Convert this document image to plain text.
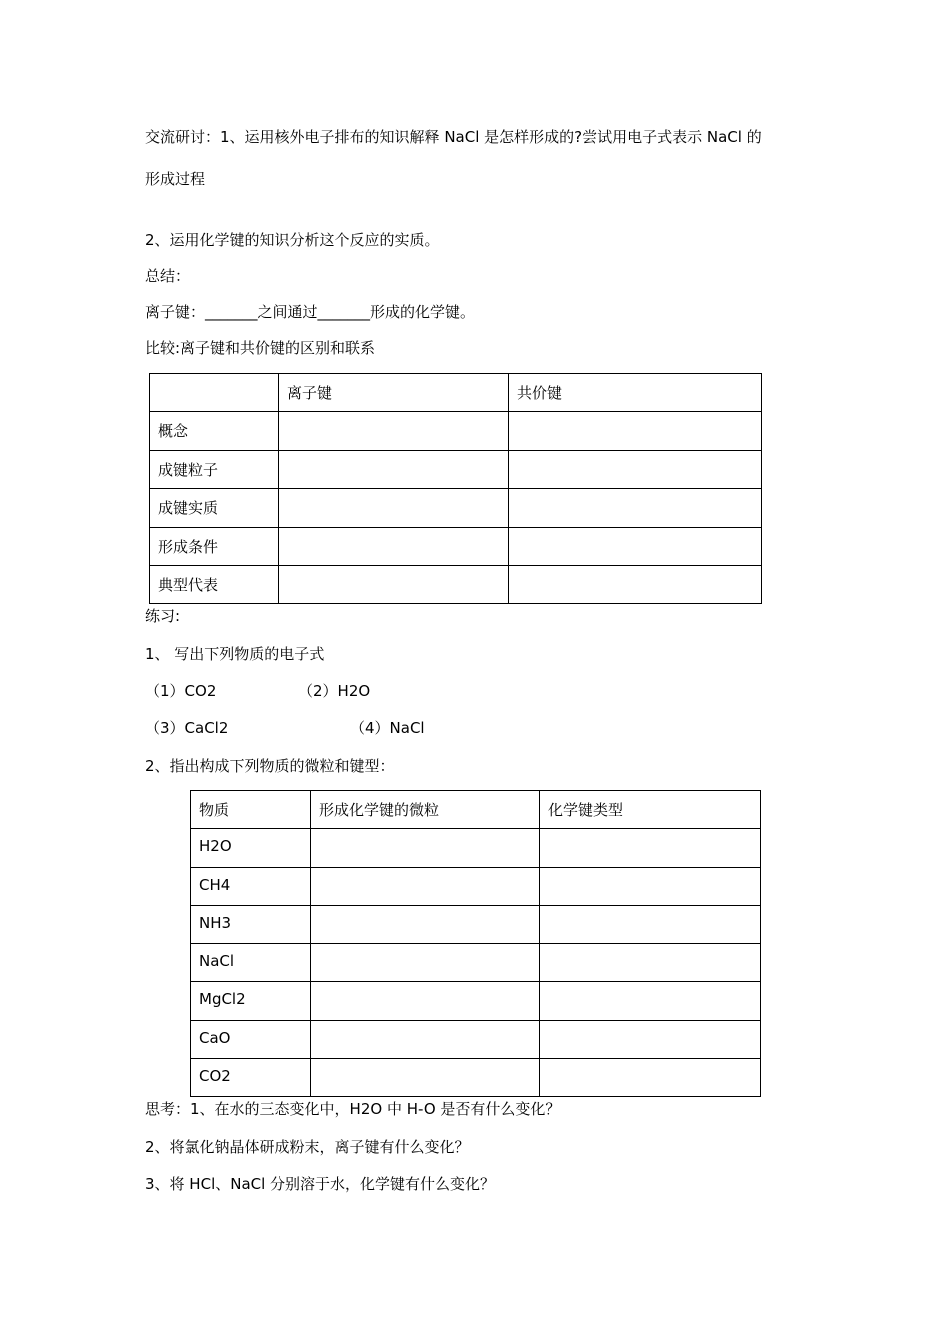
交流研讨：1、运用核外电子排布的知识解释 NaCl 是怎样形成的?尝试用电子式表示 NaCl 的
形成过程
2、运用化学键的知识分析这个反应的实质。
总结：
离子键：_______之间通过_______形成的化学键。
比较:离子键和共价键的区别和联系
	离子键	共价键
概念		
成键粒子		
成键实质		
形成条件		
典型代表		
练习:
1、 写出下列物质的电子式
（1）CO2	（2）H2O
（3）CaCl2	（4）NaCl
2、指出构成下列物质的微粒和键型：
物质	形成化学键的微粒	化学键类型
H2O		
CH4		
NH3		
NaCl		
MgCl2		
CaO		
CO2		
思考：1、在水的三态变化中，H2O 中 H-O 是否有什么变化？
2、将氯化钠晶体研成粉末，离子键有什么变化？
3、将 HCl、NaCl 分别溶于水，化学键有什么变化？
